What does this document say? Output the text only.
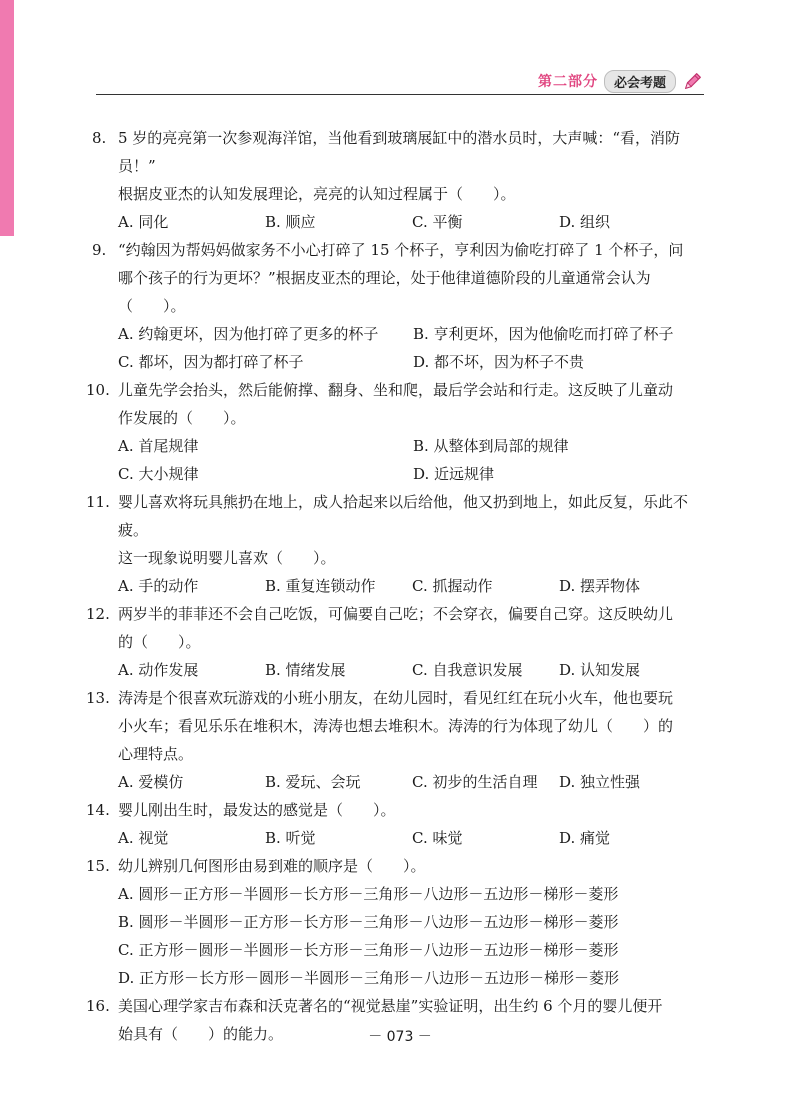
第二部分	必会考题
8. 5 岁的亮亮第一次参观海洋馆，当他看到玻璃展缸中的潜水员时，大声喊：“看，消防员！”

根据皮亚杰的认知发展理论，亮亮的认知过程属于（　　）。

A. 同化	B. 顺应	C. 平衡	D. 组织
9. “约翰因为帮妈妈做家务不小心打碎了 15 个杯子，亨利因为偷吃打碎了 1 个杯子，问

哪个孩子的行为更坏？”根据皮亚杰的理论，处于他律道德阶段的儿童通常会认为

（　　）。

A. 约翰更坏，因为他打碎了更多的杯子	B. 亨利更坏，因为他偷吃而打碎了杯子
C. 都坏，因为都打碎了杯子	D. 都不坏，因为杯子不贵
10. 儿童先学会抬头，然后能俯撑、翻身、坐和爬，最后学会站和行走。这反映了儿童动

作发展的（　　）。

A. 首尾规律	B. 从整体到局部的规律
C. 大小规律	D. 近远规律
11. 婴儿喜欢将玩具熊扔在地上，成人拾起来以后给他，他又扔到地上，如此反复，乐此不疲。

这一现象说明婴儿喜欢（　　）。

A. 手的动作	B. 重复连锁动作	C. 抓握动作	D. 摆弄物体
12. 两岁半的菲菲还不会自己吃饭，可偏要自己吃；不会穿衣，偏要自己穿。这反映幼儿

的（　　）。

A. 动作发展	B. 情绪发展	C. 自我意识发展	D. 认知发展
13. 涛涛是个很喜欢玩游戏的小班小朋友，在幼儿园时，看见红红在玩小火车，他也要玩

小火车；看见乐乐在堆积木，涛涛也想去堆积木。涛涛的行为体现了幼儿（　　）的

心理特点。

A. 爱模仿	B. 爱玩、会玩	C. 初步的生活自理	D. 独立性强
14. 婴儿刚出生时，最发达的感觉是（　　）。

A. 视觉	B. 听觉	C. 味觉	D. 痛觉
15. 幼儿辨别几何图形由易到难的顺序是（　　）。

A. 圆形－正方形－半圆形－长方形－三角形－八边形－五边形－梯形－菱形
B. 圆形－半圆形－正方形－长方形－三角形－八边形－五边形－梯形－菱形
C. 正方形－圆形－半圆形－长方形－三角形－八边形－五边形－梯形－菱形
D. 正方形－长方形－圆形－半圆形－三角形－八边形－五边形－梯形－菱形
16. 美国心理学家吉布森和沃克著名的“视觉悬崖”实验证明，出生约 6 个月的婴儿便开

始具有（　　）的能力。	－ 073 －
